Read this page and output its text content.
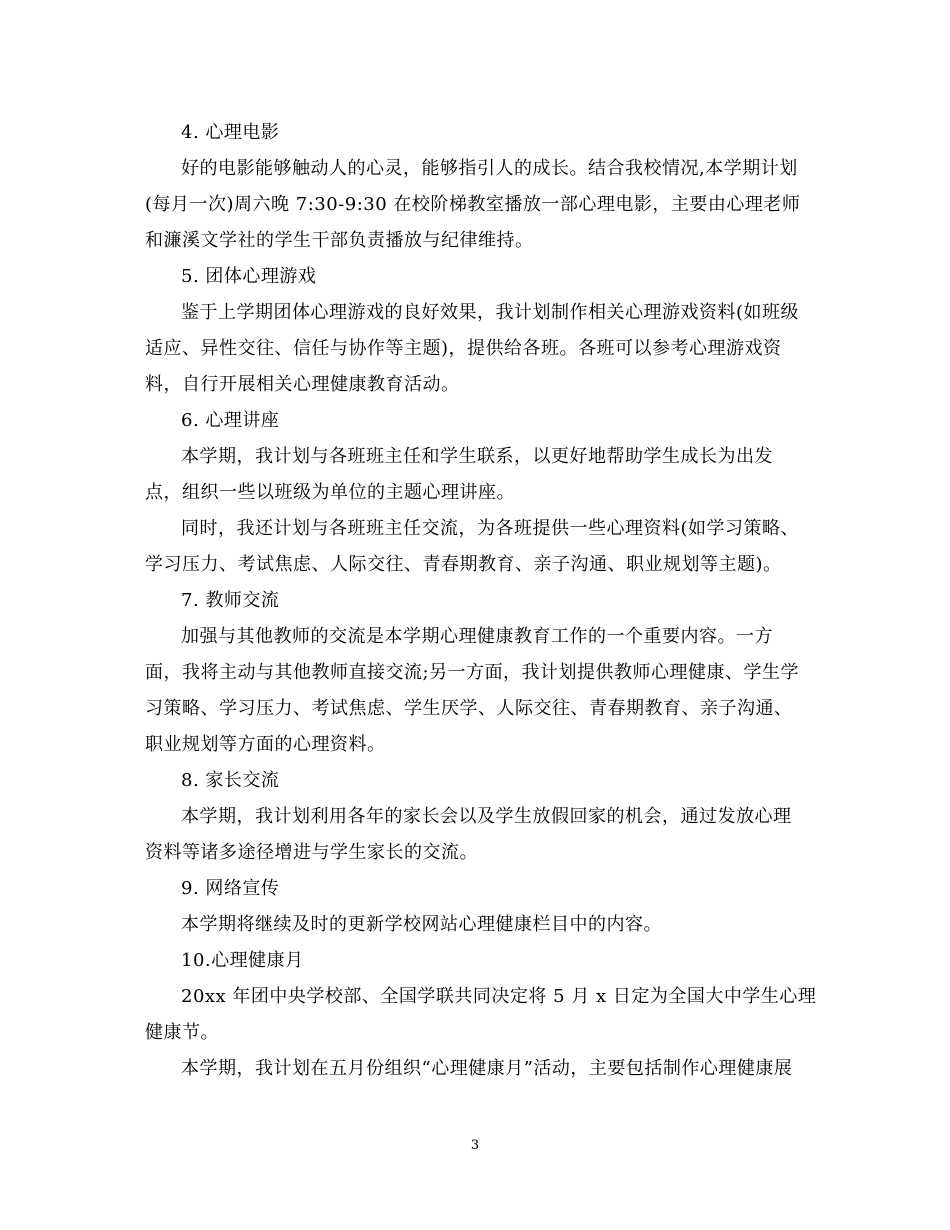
4. 心理电影
好的电影能够触动人的心灵，能够指引人的成长。结合我校情况,本学期计划
(每月一次)周六晚 7:30-9:30 在校阶梯教室播放一部心理电影，主要由心理老师
和濂溪文学社的学生干部负责播放与纪律维持。
5. 团体心理游戏
鉴于上学期团体心理游戏的良好效果，我计划制作相关心理游戏资料(如班级
适应、异性交往、信任与协作等主题)，提供给各班。各班可以参考心理游戏资
料，自行开展相关心理健康教育活动。
6. 心理讲座
本学期，我计划与各班班主任和学生联系，以更好地帮助学生成长为出发
点，组织一些以班级为单位的主题心理讲座。
同时，我还计划与各班班主任交流，为各班提供一些心理资料(如学习策略、
学习压力、考试焦虑、人际交往、青春期教育、亲子沟通、职业规划等主题)。
7. 教师交流
加强与其他教师的交流是本学期心理健康教育工作的一个重要内容。一方
面，我将主动与其他教师直接交流;另一方面，我计划提供教师心理健康、学生学
习策略、学习压力、考试焦虑、学生厌学、人际交往、青春期教育、亲子沟通、
职业规划等方面的心理资料。
8. 家长交流
本学期，我计划利用各年的家长会以及学生放假回家的机会，通过发放心理
资料等诸多途径增进与学生家长的交流。
9. 网络宣传
本学期将继续及时的更新学校网站心理健康栏目中的内容。
10.心理健康月
20xx 年团中央学校部、全国学联共同决定将 5 月 x 日定为全国大中学生心理
健康节。
本学期，我计划在五月份组织“心理健康月”活动，主要包括制作心理健康展
3
